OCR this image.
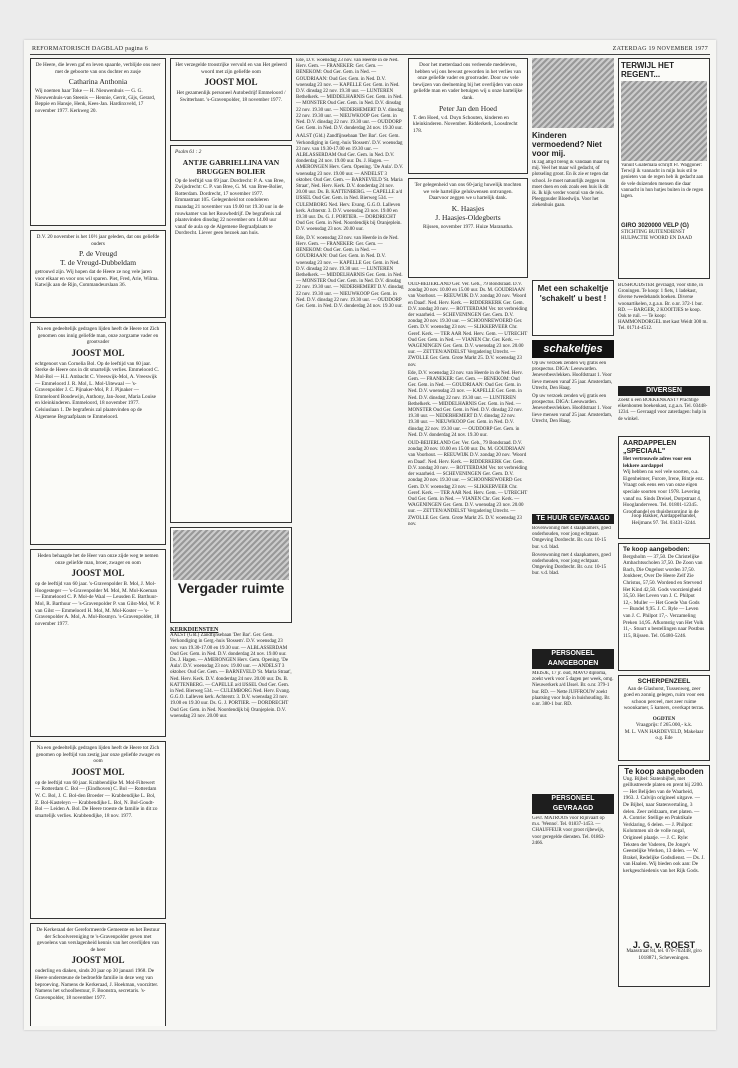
REFORMATORISCH DAGBLAD pagina 6	ZATERDAG 19 NOVEMBER 1977
De Heere, die leven gaf en leven spaarde, verblijde ons neer met de geboorte van ons dochter en zusje
Catharina Anthonia
Wij noemen haar Toke — H. Nieuwenhuis — G. G. Nieuwenhuis-van Steenis — Hennie, Gerrit, Gijs, Gerard, Beppie en Hansje, Henk, Kees-Jan. Hardinxveld, 17 november 1977. Kerkweg 20.
D.V. 20 november is het 10½ jaar geleden, dat ons geliefde ouders
P. de Vreugd
T. de Vreugd-Dubbeldam
getrouwd zijn. Wij hopen dat de Heere ze nog vele jaren voor elkaar en voor ons wil sparen. Piet, Fred, Arie, Wilma. Katwijk aan de Rijn, Commandeurslaan 36.
Na een gedeeltelijk gedragen lijden heeft de Heere tot Zich genomen ons innig geliefde man, onze zorgzame vader en grootvader
JOOST MOL
echtgenoot van Cornelia Bol. Op de leeftijd van 60 jaar. Sterke de Heere ons in dit smartelijk verlies. Emmeloord C. Mol-Bol — H.I. Ambacht C. Vreeswijk-Mol, A. Vreeswijk — Emmeloord J. R. Mol, L. Mol-Uitewaal — 's-Gravenpolder J. C. Pijnaker-Mol, P. J. Pijnaker — Emmeloord Boudewijn, Anthony, Jan-Joost, Maria Louise en kleinkinderen. Emmeloord, 18 november 1977. Celsiuslaan 1. De begrafenis zal plaatsvinden op de Algemene Begraafplaats te Emmeloord.
Heden behaagde het de Heer van onze zijde weg te nemen onze geliefde man, broer, zwager en oom
JOOST MOL
op de leeftijd van 60 jaar. 's-Gravenpolder B. Mol, J. Mol-Hoogesteger — 's-Gravenpolder M. Mol, M. Mol-Koeman — Emmeloord C. P. Mol-de Waal — Leusden E. Barthuur-Mol, R. Barthuur — 's-Gravenpolder P. van Gilst-Mol, W. P. van Gilst — Emmeloord H. Mol, M. Mol-Koster — 's-Gravenpolder A. Mol, A. Mol-Bosmyn. 's-Gravenpolder, 18 november 1977.
Na een gedeeltelijk gedragen lijden heeft de Heere tot Zich genomen op leeftijd van zestig jaar onze geliefde zwager en oom
JOOST MOL
op de leeftijd van 60 jaar. Krabbendijke M. Mol-Filtewert — Rotterdam C. Bol — (Eindhoven) C. Bol — Rotterdam W. C. Bol, J. C. Bol-den Broeder — Krabbendijke L. Bol, Z. Bol-Kasteleyn — Krabbendijke L. Bol, N. Bol-Goudt-Bol — Leiden A. Bol. De Heere troeste de familie in dit zo smartelijk verlies. Krabbendijke, 18 nov. 1977.
De Kerkeraad der Gereformeerde Gemeente en het Bestuur der Schoolvereniging te 's-Gravenpolder geven met gevoelens van verslagenheid kennis van het overlijden van de heer
JOOST MOL
ouderling en diaken, sinds 20 jaar op 30 januari 1968. De Heere ondersteune de bedroefde familie in deze weg van beproeving. Namens de Kerkeraad, J. Hoekman, voorzitter. Namens het schoolbestuur, F. Boonstra, secretaris. 's-Gravenpolder, 18 november 1977.
Het verzegelde troostrijke vervuld en van Het geleerd woord met zijn geliefde oom
JOOST MOL
Het gezamenlijk personeel Autobedrijf Emmeloord / Switterbant. 's-Gravenpolder, 18 november 1977.
Psalm 61 : 2
ANTJE GABRIELLINA VAN BRUGGEN BOLIER
Op de leeftijd van 69 jaar. Dordrecht: P. A. van Bree, Zwijndrecht: C. P. van Bree, G. M. van Bree-Bolier, Rotterdam. Dordrecht, 17 november 1977. Emmastraat 105. Gelegenheid tot condoleren maandag 21 november van 19.00 tot 19.30 uur in de rouwkamer van het Rouwbedrijf. De begrafenis zal plaatsvinden dinsdag 22 november om 14.00 uur vanaf de aula op de Algemene Begraafplaats te Dordrecht. Liever geen bezoek aan huis.
Vergader ruimte
KERKDIENSTEN

AALST (Gld.) Zandfijnsebaan 'Der Bar'. Ger. Gem. Verkondiging in Gerg.-huis 'Bossem'. D.V. woensdag 23 nov. van 19.30-17.00 en 19.30 uur. — ALBLASSERDAM Oud Ger. Gem. in Ned. D.V. donderdag 24 nov. 19.00 uur. Ds. J. Hagen. — AMERONGEN Herv. Gem. Opening. 'De Aula'. D.V. woensdag 23 nov. 19.00 uur. — ANDELST 3 oktober. Oud Ger. Gem. — BARNEVELD 'St. Maria Straat', Ned. Herv. Kerk. D.V. donderdag 24 nov. 20.00 uur. Ds. B. KATTENBERG. — CAPELLE a/d IJSSEL Oud Ger. Gem. in Ned. Bierweg 534. — CULEMBORG Ned. Herv. Evang. G.G.O. Lalleven kerk. Achterstr. 3. D.V. woensdag 23 nov. 19.00 en 19.30 uur. Ds. G. J. PORTIER. — DORDRECHT Oud Ger. Gem. in Ned. Noordendijk bij Oranjeplein. D.V. woensdag 23 nov. 20.00 uur.

Ede, D.V. woensdag 23 nov. van Heerde in de Ned. Herv. Gem. — FRANEKER: Ger. Gem. — BENEKOM: Oud Ger. Gem. in Ned. — GOUDRIAAN: Oud Ger. Gem. in Ned. D.V. woensdag 23 nov. — KAPELLE Ger. Gem. in Ned. D.V. dinsdag 22 nov. 19.30 uur. — LUNTEREN Bethelkerk. — MIDDELHARNIS Ger. Gem. in Ned. — MONSTER Oud Ger. Gem. in Ned. D.V. dinsdag 22 nov. 19.30 uur. — NEDERHEMERT D.V. dinsdag 22 nov. 19.30 uur. — NIEUWKOOP Ger. Gem. in Ned. D.V. dinsdag 22 nov. 19.30 uur. — OUDDORP Ger. Gem. in Ned. D.V. donderdag 24 nov. 19.30 uur.

AALST (Gld.) Zandfijnsebaan 'Der Bar'. Ger. Gem. Verkondiging in Gerg.-huis 'Bossem'. D.V. woensdag 23 nov. van 19.30-17.00 en 19.30 uur. — ALBLASSERDAM Oud Ger. Gem. in Ned. D.V. donderdag 24 nov. 19.00 uur. Ds. J. Hagen. — AMERONGEN Herv. Gem. Opening. 'De Aula'. D.V. woensdag 23 nov. 19.00 uur. — ANDELST 3 oktober. Oud Ger. Gem. — BARNEVELD 'St. Maria Straat', Ned. Herv. Kerk. D.V. donderdag 24 nov. 20.00 uur. Ds. B. KATTENBERG. — CAPELLE a/d IJSSEL Oud Ger. Gem. in Ned. Bierweg 534. — CULEMBORG Ned. Herv. Evang. G.G.O. Lalleven kerk. Achterstr. 3. D.V. woensdag 23 nov. 19.00 en 19.30 uur. Ds. G. J. PORTIER. — DORDRECHT Oud Ger. Gem. in Ned. Noordendijk bij Oranjeplein. D.V. woensdag 23 nov. 20.00 uur.

Ede, D.V. woensdag 23 nov. van Heerde in de Ned. Herv. Gem. — FRANEKER: Ger. Gem. — BENEKOM: Oud Ger. Gem. in Ned. — GOUDRIAAN: Oud Ger. Gem. in Ned. D.V. woensdag 23 nov. — KAPELLE Ger. Gem. in Ned. D.V. dinsdag 22 nov. 19.30 uur. — LUNTEREN Bethelkerk. — MIDDELHARNIS Ger. Gem. in Ned. — MONSTER Oud Ger. Gem. in Ned. D.V. dinsdag 22 nov. 19.30 uur. — NEDERHEMERT D.V. dinsdag 22 nov. 19.30 uur. — NIEUWKOOP Ger. Gem. in Ned. D.V. dinsdag 22 nov. 19.30 uur. — OUDDORP Ger. Gem. in Ned. D.V. donderdag 24 nov. 19.30 uur.

Door het metterdaad ons verleende medeleven, hebben wij ons bewust geworden in het verlies van onze geliefde vader en grootvader. Door uw vele bewijzen van deelneming bij het overlijden van onze geliefde man en vader betuigen wij u onze hartelijke dank.
Peter Jan den Hoed
T. den Hoed, v.d. Duyn Schouten, kinderen en kleinkinderen. November. Ridderkerk, Loosdrecht 178.
Ter gelegenheid van ons 60-jarig huwelijk mochten we vele hartelijke gelukwensen ontvangen. Daarvoor zeggen we u hartelijk dank.
K. Haasjes
J. Haasjes-Oldegberts
Rijssen, november 1977. Huize Maranatha.

OUD-BEIJERLAND Ger. Ver. Geb., 79 Bondsraad. D.V. zondag 20 nov. 10.00 en 15.00 uur. Ds. M. GOUDRIAAN van Voorhout. — REEUWIJK D.V. zondag 20 nov. 'Woord en Daad'. Ned. Herv. Kerk. — RIDDERKERK Ger. Gem. D.V. zondag 20 nov. — ROTTERDAM Ver. tot verbreiding der waarheid. — SCHEVENINGEN Ger. Gem. D.V. zondag 20 nov. 19.30 uur. — SCHOONREWOERD Ger. Gem. D.V. woensdag 23 nov. — SLIKKERVEER Chr. Geref. Kerk. — TER AAR Ned. Herv. Gem. — UTRECHT Oud Ger. Gem. in Ned. — VIANEN Chr. Ger. Kerk. — WAGENINGEN Ger. Gem. D.V. woensdag 23 nov. 20.00 uur. — ZETTEN/ANDELST Vergadering Utrecht. — ZWOLLE Ger. Gem. Grote Markt 25. D.V. woensdag 23 nov.

Ede, D.V. woensdag 23 nov. van Heerde in de Ned. Herv. Gem. — FRANEKER: Ger. Gem. — BENEKOM: Oud Ger. Gem. in Ned. — GOUDRIAAN: Oud Ger. Gem. in Ned. D.V. woensdag 23 nov. — KAPELLE Ger. Gem. in Ned. D.V. dinsdag 22 nov. 19.30 uur. — LUNTEREN Bethelkerk. — MIDDELHARNIS Ger. Gem. in Ned. — MONSTER Oud Ger. Gem. in Ned. D.V. dinsdag 22 nov. 19.30 uur. — NEDERHEMERT D.V. dinsdag 22 nov. 19.30 uur. — NIEUWKOOP Ger. Gem. in Ned. D.V. dinsdag 22 nov. 19.30 uur. — OUDDORP Ger. Gem. in Ned. D.V. donderdag 24 nov. 19.30 uur.

OUD-BEIJERLAND Ger. Ver. Geb., 79 Bondsraad. D.V. zondag 20 nov. 10.00 en 15.00 uur. Ds. M. GOUDRIAAN van Voorhout. — REEUWIJK D.V. zondag 20 nov. 'Woord en Daad'. Ned. Herv. Kerk. — RIDDERKERK Ger. Gem. D.V. zondag 20 nov. — ROTTERDAM Ver. tot verbreiding der waarheid. — SCHEVENINGEN Ger. Gem. D.V. zondag 20 nov. 19.30 uur. — SCHOONREWOERD Ger. Gem. D.V. woensdag 23 nov. — SLIKKERVEER Chr. Geref. Kerk. — TER AAR Ned. Herv. Gem. — UTRECHT Oud Ger. Gem. in Ned. — VIANEN Chr. Ger. Kerk. — WAGENINGEN Ger. Gem. D.V. woensdag 23 nov. 20.00 uur. — ZETTEN/ANDELST Vergadering Utrecht. — ZWOLLE Ger. Gem. Grote Markt 25. D.V. woensdag 23 nov.

Kinderen vermoedend? Niet voor mij.

Ik zag altijd breng ik vandaan maar bij mij. Veel het maar wil gedacht, of plotseling groot. En ik zie er tegen dat school. Je moet natuurlijk zeggen nu moet doen en ook zoals een huis ik dit ik. Ik kijk verder vooral van de reis. Pleeggouder Bloedwijn. Voor het ziekenhuis gaan.

Met een schakeltje 'schakelt' u best !
schakeltjes

Op uw verzoek zenden wij gratis een prospectus. DIGA: Leeuwarden. Jeneverbesvlekken. Hoofdstraat 1. Voor lieve mensen vanaf 25 jaar. Amsterdam, Utrecht, Den Haag.

Op uw verzoek zenden wij gratis een prospectus. DIGA: Leeuwarden. Jeneverbesvlekken. Hoofdstraat 1. Voor lieve mensen vanaf 25 jaar. Amsterdam, Utrecht, Den Haag.

TE HUUR GEVRAAGD

Bovenwoning met 4 slaapkamers, goed onderhouden, voor jong echtpaar. Omgeving Dordrecht. Br. o.nr. 10-15 bur. v.d. blad.

Bovenwoning met 4 slaapkamers, goed onderhouden, voor jong echtpaar. Omgeving Dordrecht. Br. o.nr. 10-15 bur. v.d. blad.

PERSONEEL AANGEBODEN

MEISJE, 17 jr. oud, MAVO diploma, zoekt werk voor 5 dagen per week, omg. Nieuwerkerk a/d IJssel. Br. o.nr. 379-1 bur. RD. — Nette JUFFROUW zoekt plaatsing voor hulp in huishouding. Br. o.nr. 380-1 bur. RD.

PERSONEEL GEVRAAGD

Gevr. MATROOS voor Rijnvaart op m.s. 'Wenno'. Tel. 01837-1453. — CHAUFFEUR voor groot rijbewijs, voor geregelde diensten. Tel. 01862-2466.

TERWIJL HET REGENT...
Vanuit Guatemala schrijft Fr. Waggoner: Terwijl ik vannacht in mijn huis stil te genieten van de regen heb ik gedacht aan de vele duizenden mensen die daar vannacht in hun hutjes buiten in de regen lagen.
GIRO 3020000 VELP (G)
STICHTING BUITENDIENST HULPACTIE WOORD EN DAAD

BUSHOUDSTER gevraagd, voor stille, in Groningen. Te koop: 1 fiets, 1 ladekast, diverse tweedehands boeken. Diverse woonartikelen, z.g.a.n. Br. o.nr. 372-1 bur. RD. — BARGER, 2 KOOITJES te koop. Ook te ruil. — Te koop: HAMMONDORGEL met kast Weidt 300 m. Tel. 01714-4512.

DIVERSEN

Zoekt u een BOEKENKAST? Prachtige eikenhouten boekenkast, z.g.a.n. Tel. 03448-1234. — Gevraagd voor zaterdagen: hulp in de winkel.

AARDAPPELEN „SPECIAAL"
Het vertrouwde adres voor een lekkere aardappel
Wij hebben nu wel vele soorten, o.a. Eigenheimer, Furore, Irene, Bintje enz. Vraagt ook eens een van onze eigen speciale soorten voor 1978. Levering vanaf nu. Sinds Dreisel, Dorpstraat 4, Hooglanderveen. Tel. 01801-12345. Groothandel en thuisbezorging in de
Joop Bakker, Aardappelhandel, Heijmans 97. Tel. 03431-3244.
Te koop aangeboden:
Bergsholm — 37,50. De Christelijke Ambachtsscholen 37,50. De Zoon van Bach, Die Ongelost worden 37,50. Jonkheer, Over De Heere Zelf Zie Christus, 57,50. Wordend en Stervend Het Kind 42,50. Gods voorzienigheid 35,50. Het Leven van J. C. Philpot 12,-. Muller — Het Goede Van Gods — Bundel 9,95. J. C. Ryle — Leven van J. C. Philpot 17,-. Verzameling Preken 14,95. Afkomstig van Het Volk 11,-. Stuurt u bestellingen naar Postbus 115, Rijssen. Tel. 05480-5246.
SCHERPENZEEL
Aan de Glashorst, Tussenweg, zeer goed en zonnig gelegen, ruim voor een schoon perceel, met zeer ruime woonkamer, 5 kamers, overkapt terras.
OGDTEN
Vraagprijs: f 265.000,- k.k.
M. L. VAN HARDEVELD, Makelaar o.g. Ede
Te koop aangeboden
Ung. Bijbel: Statenbijbel, met geillustreerde platen en prent bij 2200. — Het Belijden van de Waarheid, 1963. J. Calvijn origineel uitgave. — De Bijbel, naar Statenvertaling, 3 delen. Zeer zeldzaam, met platen. — A. Comrie: Stellige en Praktikale Verklaring, 6 delen. — J. Philpot: Kolommen uit de volle nogal, Origineel plaatje. — J. C. Ryle: Teksten der Vaderen, De Jonge's Geestelijke Werken, 13 delen. — W. Brakel, Redelijke Godsdienst. — Ds. J. van Haalen. Wij bieden ook aan: De kerkgeschiedenis van het Rijk Gods.
J. G. v. ROEST
Maasstraat 84, tel. 070-702448, giro 1018871, Scheveningen.
